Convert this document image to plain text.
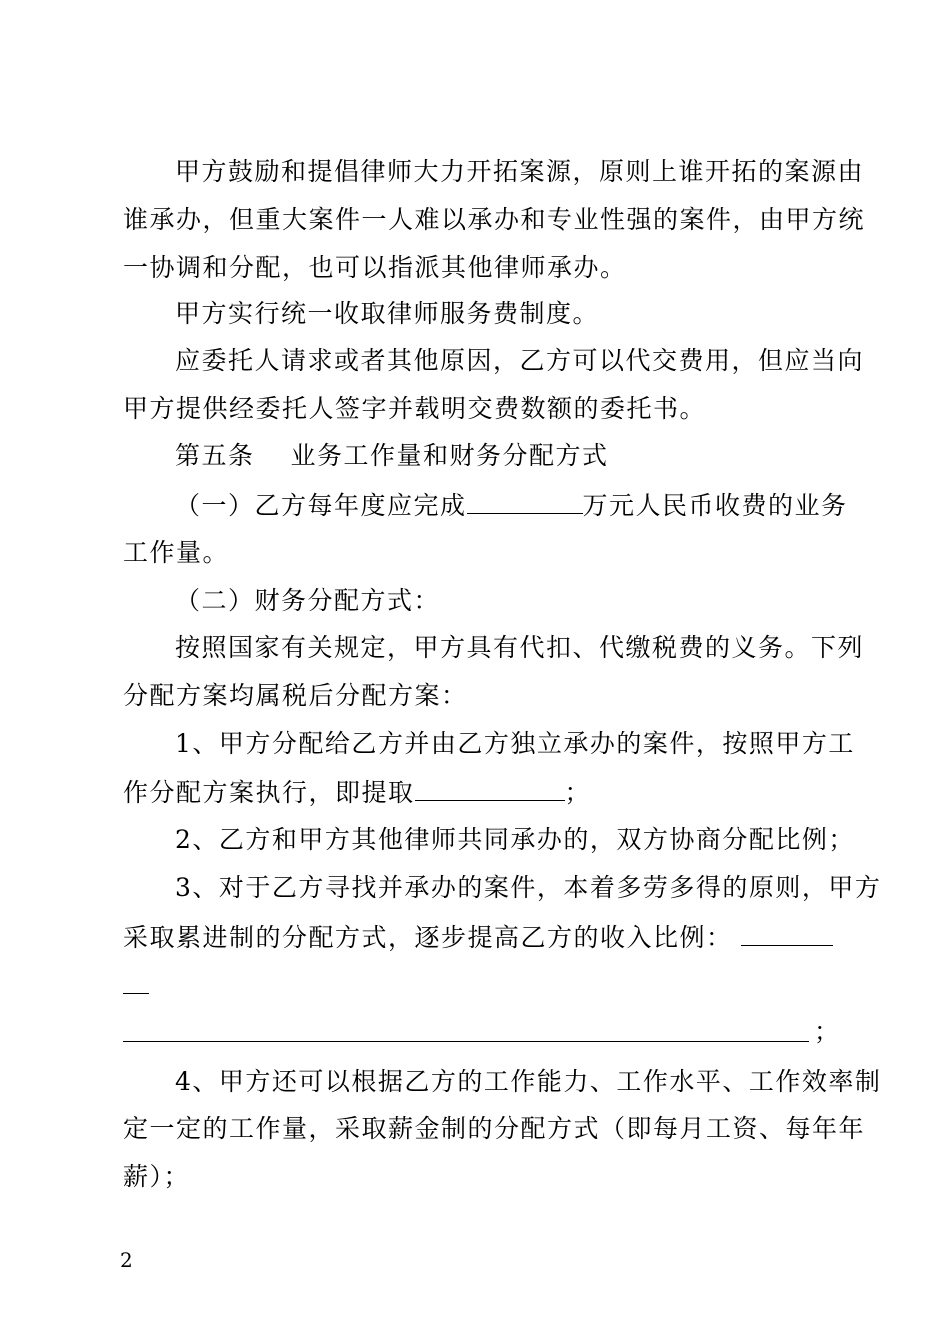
甲方鼓励和提倡律师大力开拓案源，原则上谁开拓的案源由
谁承办，但重大案件一人难以承办和专业性强的案件，由甲方统
一协调和分配，也可以指派其他律师承办。
甲方实行统一收取律师服务费制度。
应委托人请求或者其他原因，乙方可以代交费用，但应当向
甲方提供经委托人签字并载明交费数额的委托书。
第五条　 业务工作量和财务分配方式
（一）乙方每年度应完成	万元人民币收费的业务
工作量。
（二）财务分配方式：
按照国家有关规定，甲方具有代扣、代缴税费的义务。下列
分配方案均属税后分配方案：
1、甲方分配给乙方并由乙方独立承办的案件，按照甲方工
作分配方案执行，即提取	；
2、乙方和甲方其他律师共同承办的，双方协商分配比例；
3、对于乙方寻找并承办的案件，本着多劳多得的原则，甲方
采取累进制的分配方式，逐步提高乙方的收入比例：
；
4、甲方还可以根据乙方的工作能力、工作水平、工作效率制
定一定的工作量，采取薪金制的分配方式（即每月工资、每年年
薪）；
2
